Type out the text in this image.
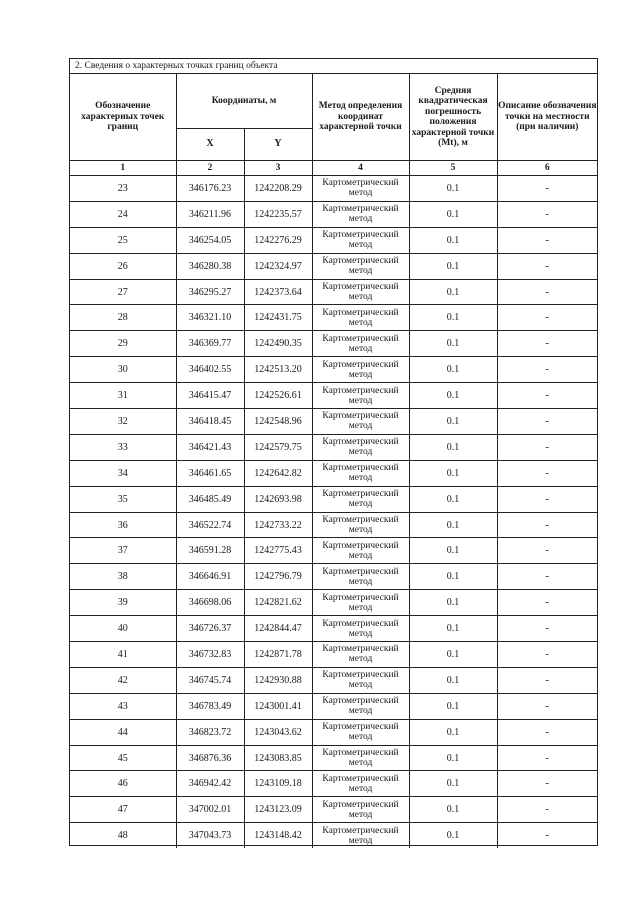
2. Сведения о характерных точках границ объекта
Обозначение характерных точек границ	Координаты, м		Метод определения координат характерной точки	Средняя квадратическая погрешность положения характерной точки (Mt), м	Описание обозначения точки на местности (при наличии)
	X	Y			
1	2	3	4	5	6
23	346176.23	1242208.29	Картометрический метод	0.1	-
24	346211.96	1242235.57	Картометрический метод	0.1	-
25	346254.05	1242276.29	Картометрический метод	0.1	-
26	346280.38	1242324.97	Картометрический метод	0.1	-
27	346295.27	1242373.64	Картометрический метод	0.1	-
28	346321.10	1242431.75	Картометрический метод	0.1	-
29	346369.77	1242490.35	Картометрический метод	0.1	-
30	346402.55	1242513.20	Картометрический метод	0.1	-
31	346415.47	1242526.61	Картометрический метод	0.1	-
32	346418.45	1242548.96	Картометрический метод	0.1	-
33	346421.43	1242579.75	Картометрический метод	0.1	-
34	346461.65	1242642.82	Картометрический метод	0.1	-
35	346485.49	1242693.98	Картометрический метод	0.1	-
36	346522.74	1242733.22	Картометрический метод	0.1	-
37	346591.28	1242775.43	Картометрический метод	0.1	-
38	346646.91	1242796.79	Картометрический метод	0.1	-
39	346698.06	1242821.62	Картометрический метод	0.1	-
40	346726.37	1242844.47	Картометрический метод	0.1	-
41	346732.83	1242871.78	Картометрический метод	0.1	-
42	346745.74	1242930.88	Картометрический метод	0.1	-
43	346783.49	1243001.41	Картометрический метод	0.1	-
44	346823.72	1243043.62	Картометрический метод	0.1	-
45	346876.36	1243083.85	Картометрический метод	0.1	-
46	346942.42	1243109.18	Картометрический метод	0.1	-
47	347002.01	1243123.09	Картометрический метод	0.1	-
48	347043.73	1243148.42	Картометрический метод	0.1	-
